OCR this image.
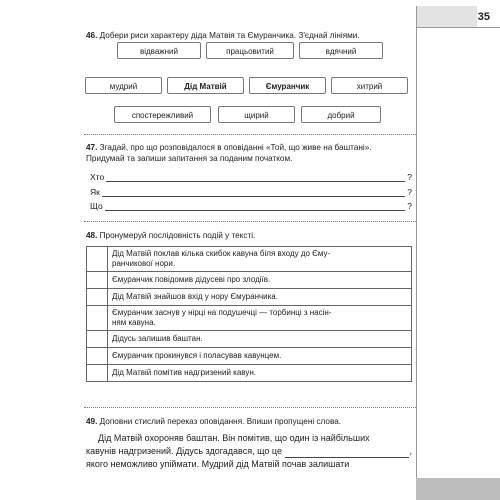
35
46. Добери риси характеру діда Матвія та Ємуранчика. З'єднай лініями.
відважний	працьовитий	вдячний
мудрий	Дід Матвій	Ємуранчик	хитрий
спостережливий	щирий	добрий
47. Згадай, про що розповідалося в оповіданні «Той, що живе на баштані».
Придумай та запиши запитання за поданим початком.
Хто	?
Як	?
Що	?
48. Пронумеруй послідовність подій у тексті.
	Дід Матвій поклав кілька скибок кавуна біля входу до Єму-
ранчикової нори.
	Ємуранчик повідомив дідусеві про злодіїв.
	Дід Матвій знайшов вхід у нору Ємуранчика.
	Ємуранчик заснув у нірці на подушечці — торбинці з насін-
ням кавуна.
	Дідусь залишив баштан.
	Ємуранчик прокинувся і поласував кавунцем.
	Дід Матвій помітив надгризений кавун.
49. Доповни стислий переказ оповідання. Впиши пропущені слова.
Дід Матвій охороняв баштан. Він помітив, що один із найбільших
кавунів надгризений. Дідусь здогадався, що це	,
якого неможливо упіймати. Мудрий дід Матвій почав залишати
